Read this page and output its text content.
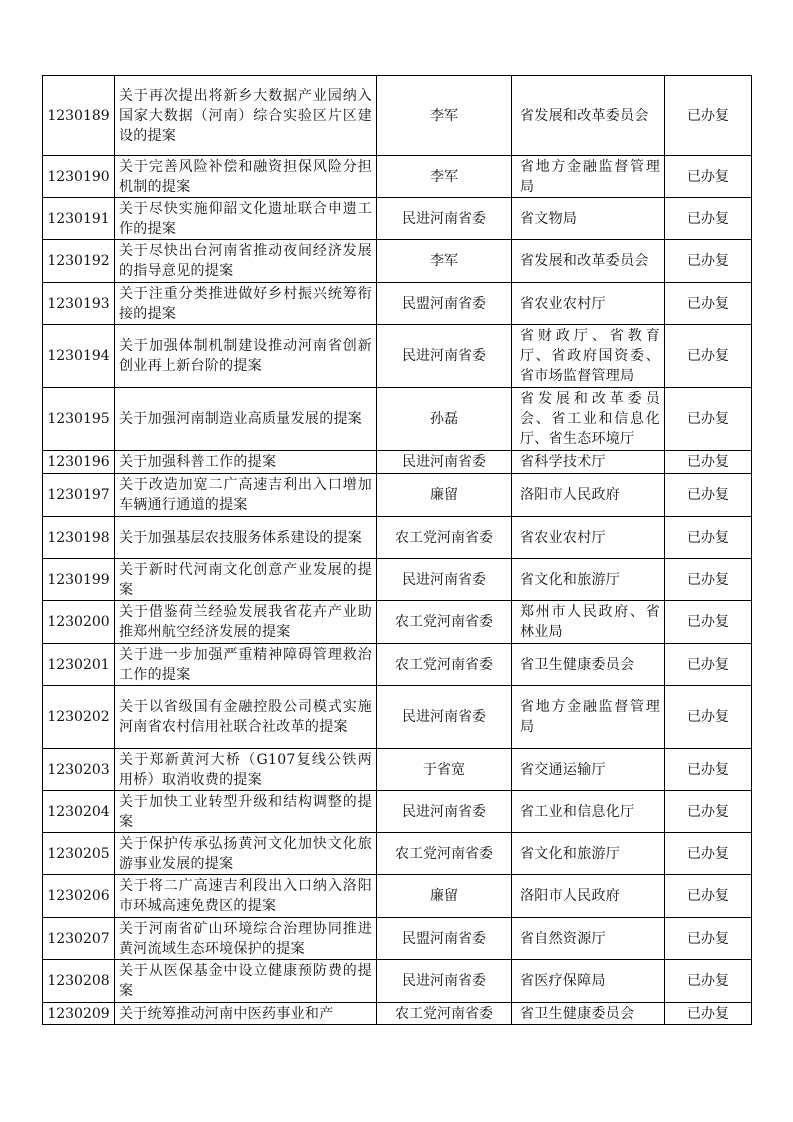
1230189	关于再次提出将新乡大数据产业园纳入国家大数据（河南）综合实验区片区建设的提案	李军	省发展和改革委员会	已办复
1230190	关于完善风险补偿和融资担保风险分担机制的提案	李军	省地方金融监督管理局	已办复
1230191	关于尽快实施仰韶文化遗址联合申遗工作的提案	民进河南省委	省文物局	已办复
1230192	关于尽快出台河南省推动夜间经济发展的指导意见的提案	李军	省发展和改革委员会	已办复
1230193	关于注重分类推进做好乡村振兴统筹衔接的提案	民盟河南省委	省农业农村厅	已办复
1230194	关于加强体制机制建设推动河南省创新创业再上新台阶的提案	民进河南省委	省财政厅、省教育厅、省政府国资委、省市场监督管理局	已办复
1230195	关于加强河南制造业高质量发展的提案	孙磊	省发展和改革委员会、省工业和信息化厅、省生态环境厅	已办复
1230196	关于加强科普工作的提案	民进河南省委	省科学技术厅	已办复
1230197	关于改造加宽二广高速吉利出入口增加车辆通行通道的提案	廉留	洛阳市人民政府	已办复
1230198	关于加强基层农技服务体系建设的提案	农工党河南省委	省农业农村厅	已办复
1230199	关于新时代河南文化创意产业发展的提案	民进河南省委	省文化和旅游厅	已办复
1230200	关于借鉴荷兰经验发展我省花卉产业助推郑州航空经济发展的提案	农工党河南省委	郑州市人民政府、省林业局	已办复
1230201	关于进一步加强严重精神障碍管理救治工作的提案	农工党河南省委	省卫生健康委员会	已办复
1230202	关于以省级国有金融控股公司模式实施河南省农村信用社联合社改革的提案	民进河南省委	省地方金融监督管理局	已办复
1230203	关于郑新黄河大桥（G107复线公铁两用桥）取消收费的提案	于省宽	省交通运输厅	已办复
1230204	关于加快工业转型升级和结构调整的提案	民进河南省委	省工业和信息化厅	已办复
1230205	关于保护传承弘扬黄河文化加快文化旅游事业发展的提案	农工党河南省委	省文化和旅游厅	已办复
1230206	关于将二广高速吉利段出入口纳入洛阳市环城高速免费区的提案	廉留	洛阳市人民政府	已办复
1230207	关于河南省矿山环境综合治理协同推进黄河流域生态环境保护的提案	民盟河南省委	省自然资源厅	已办复
1230208	关于从医保基金中设立健康预防费的提案	民进河南省委	省医疗保障局	已办复
1230209	关于统筹推动河南中医药事业和产	农工党河南省委	省卫生健康委员会	已办复
